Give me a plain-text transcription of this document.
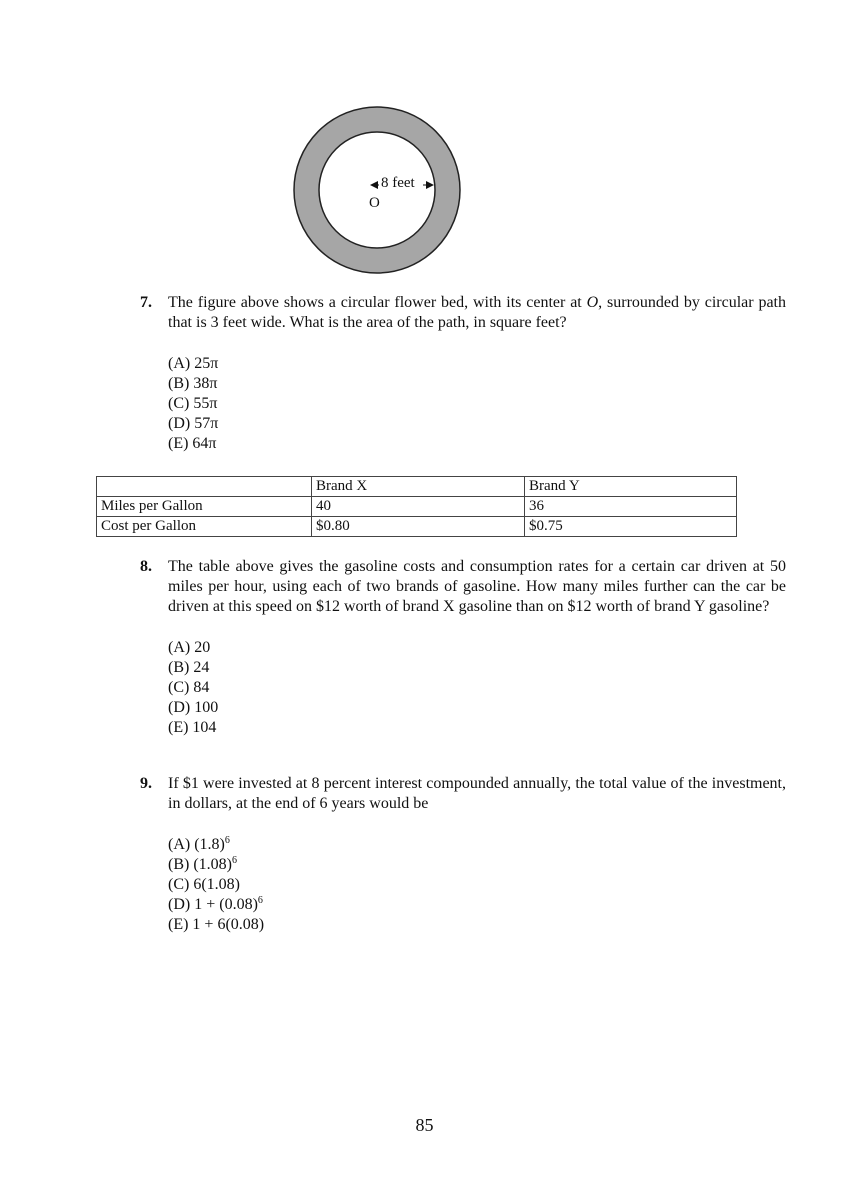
8 feet
O
7. The figure above shows a circular flower bed, with its center at O, surrounded by circular path that is 3 feet wide. What is the area of the path, in square feet?
(A) 25π
(B) 38π
(C) 55π
(D) 57π
(E) 64π
	Brand X	Brand Y
Miles per Gallon	40	36
Cost per Gallon	$0.80	$0.75
8. The table above gives the gasoline costs and consumption rates for a certain car driven at 50 miles per hour, using each of two brands of gasoline. How many miles further can the car be driven at this speed on $12 worth of brand X gasoline than on $12 worth of brand Y gasoline?
(A) 20
(B) 24
(C) 84
(D) 100
(E) 104
9. If $1 were invested at 8 percent interest compounded annually, the total value of the investment, in dollars, at the end of 6 years would be
(A) $(1.8)^6$
(B) $(1.08)^6$
(C) 6(1.08)
(D) $1 + (0.08)^6$
(E) 1 + 6(0.08)
85
